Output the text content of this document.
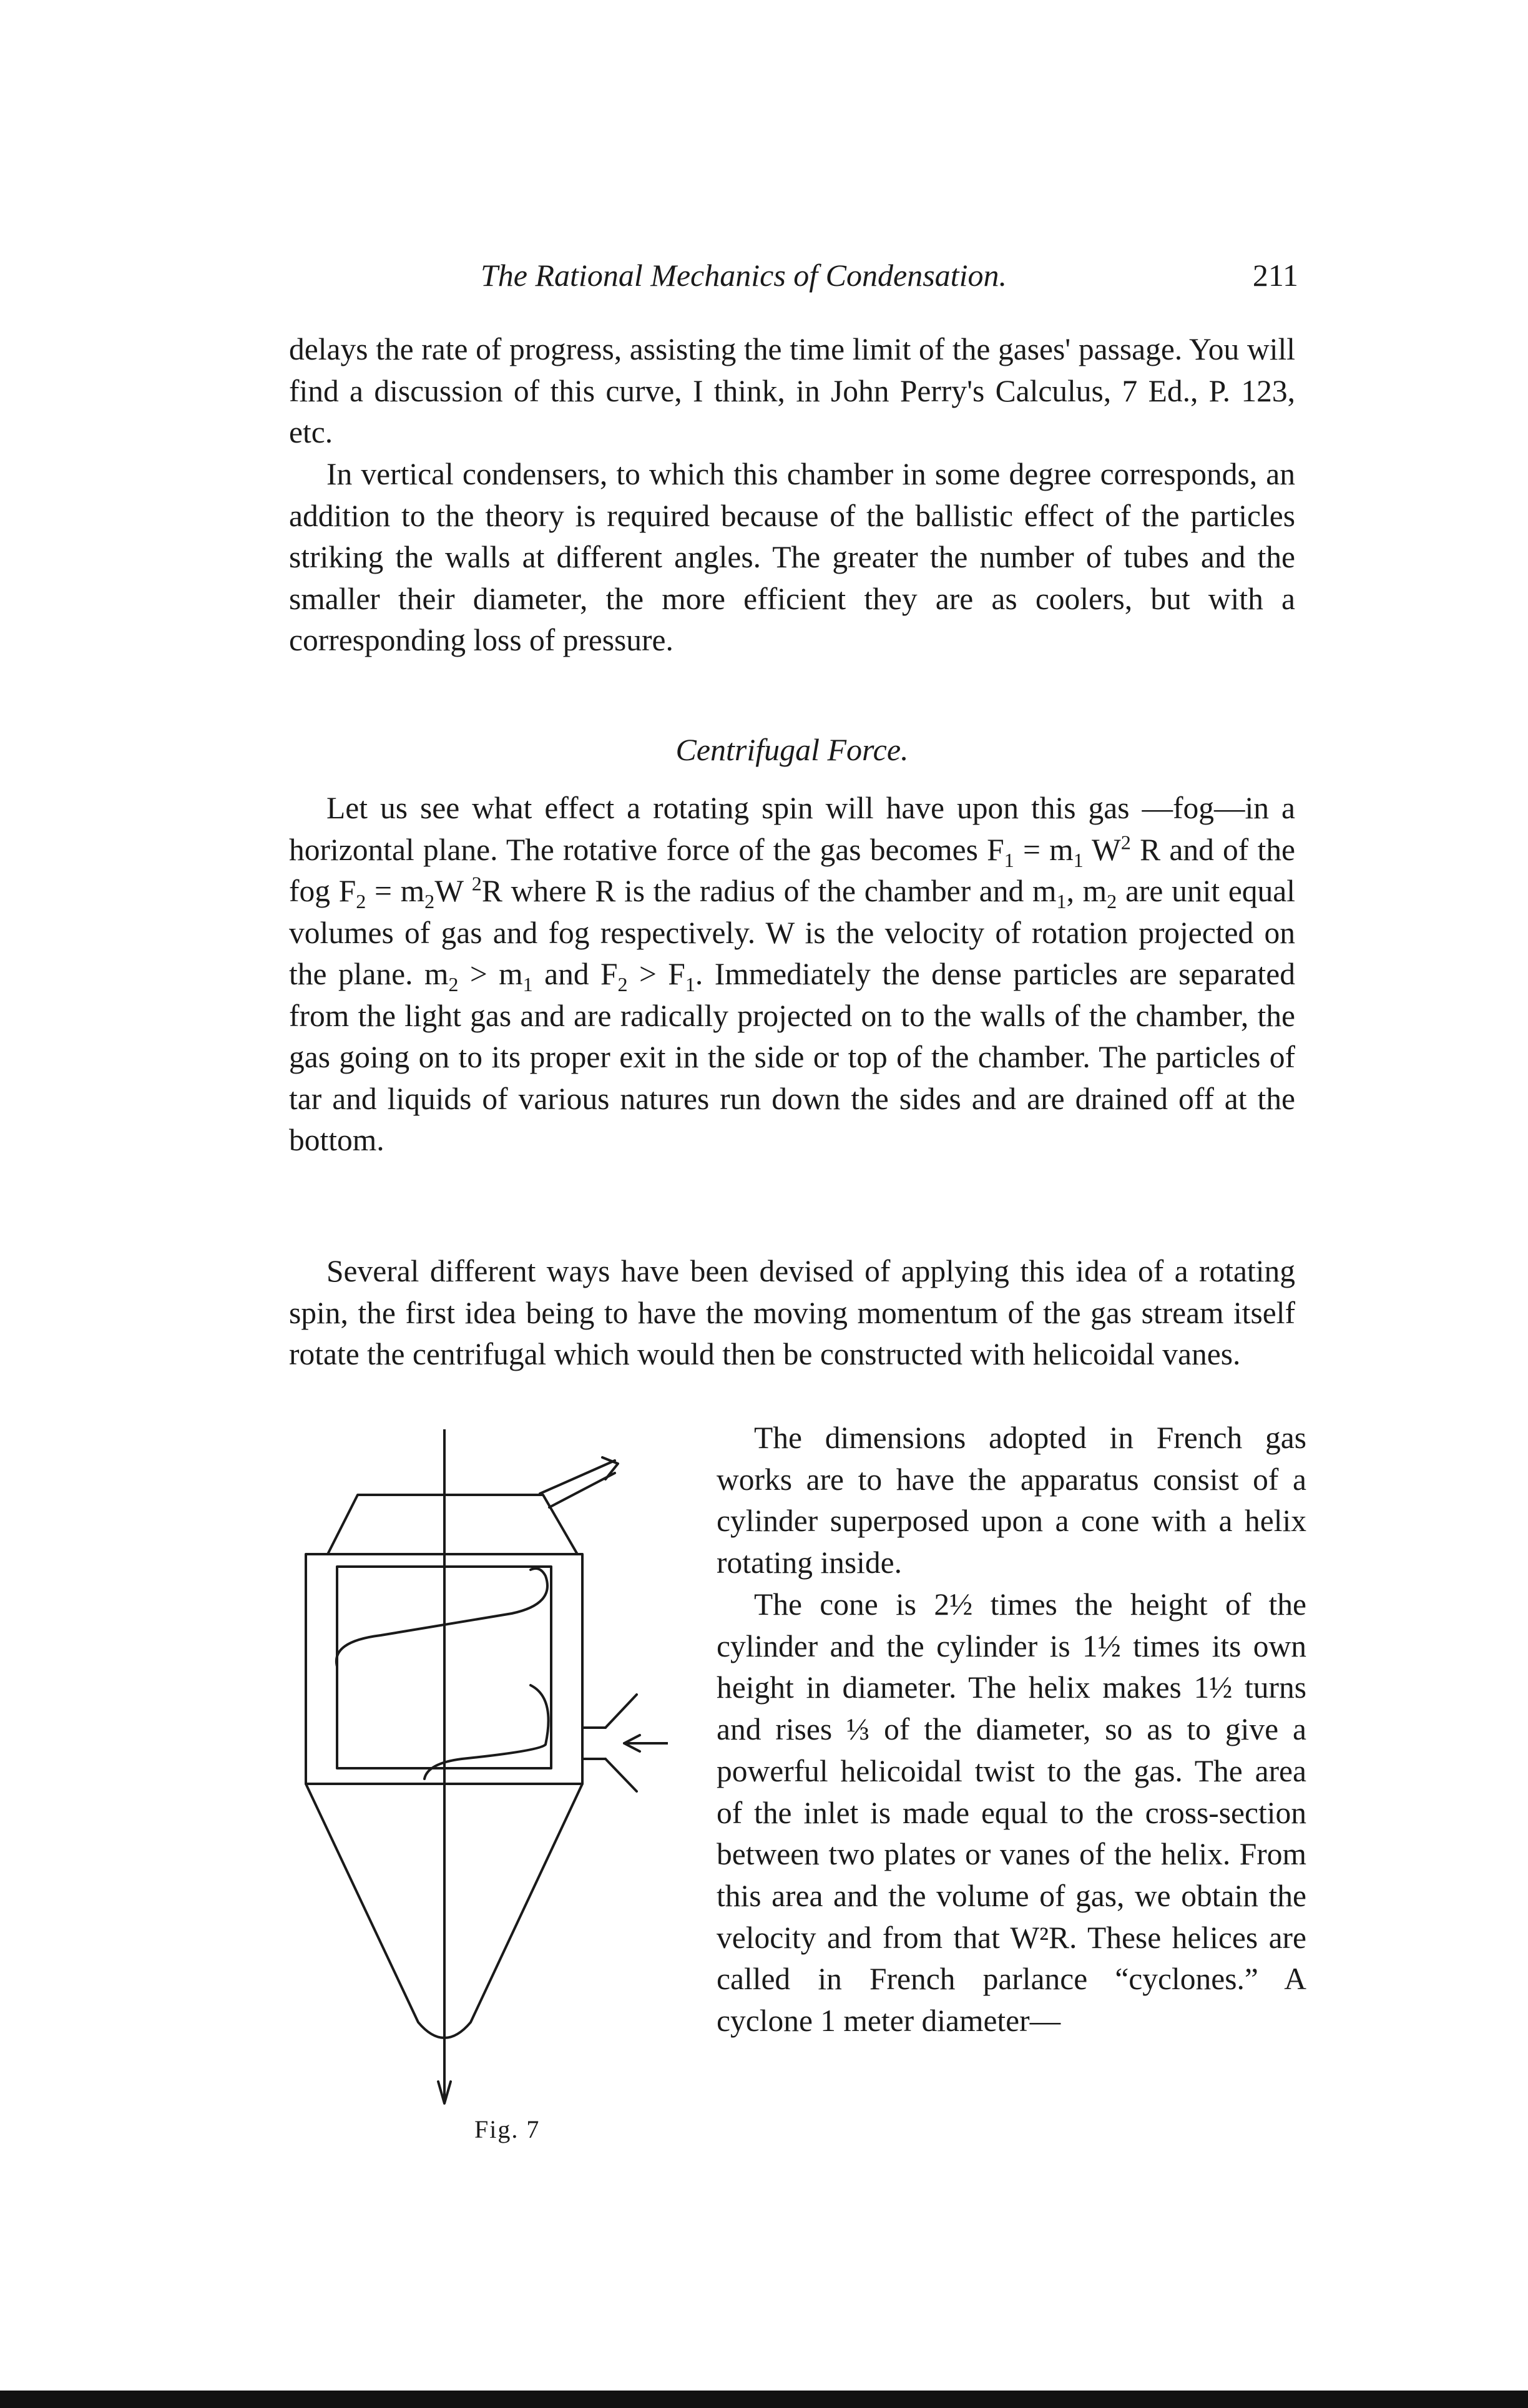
The Rational Mechanics of Condensation.	211

delays the rate of progress, assisting the time limit of the gases' passage. You will find a discussion of this curve, I think, in John Perry's Calculus, 7 Ed., P. 123, etc.

In vertical condensers, to which this chamber in some degree corresponds, an addition to the theory is required because of the ballistic effect of the particles striking the walls at different angles. The greater the number of tubes and the smaller their diameter, the more efficient they are as coolers, but with a corresponding loss of pressure.

Centrifugal Force.

Let us see what effect a rotating spin will have upon this gas —fog—in a horizontal plane. The rotative force of the gas becomes $F_1 = m_1$ $W^2$ R and of the fog $F_2 = m_2W$ $^2$R where R is the radius of the chamber and $m_1$, $m_2$ are unit equal volumes of gas and fog respectively. W is the velocity of rotation projected on the plane. $m_2 > m_1$ and $F_2 > F_1$. Immediately the dense particles are separated from the light gas and are radically projected on to the walls of the chamber, the gas going on to its proper exit in the side or top of the chamber. The particles of tar and liquids of various natures run down the sides and are drained off at the bottom.

Several different ways have been devised of applying this idea of a rotating spin, the first idea being to have the moving momentum of the gas stream itself rotate the centrifugal which would then be constructed with helicoidal vanes.

The dimensions adopted in French gas works are to have the apparatus consist of a cylinder superposed upon a cone with a helix rotating inside.

The cone is 2½ times the height of the cylinder and the cylinder is 1½ times its own height in diameter. The helix makes 1½ turns and rises ⅓ of the diameter, so as to give a powerful helicoidal twist to the gas. The area of the inlet is made equal to the cross-section between two plates or vanes of the helix. From this area and the volume of gas, we obtain the velocity and from that W²R. These helices are called in French parlance “cyclones.” A cyclone 1 meter diameter—

Fig. 7
